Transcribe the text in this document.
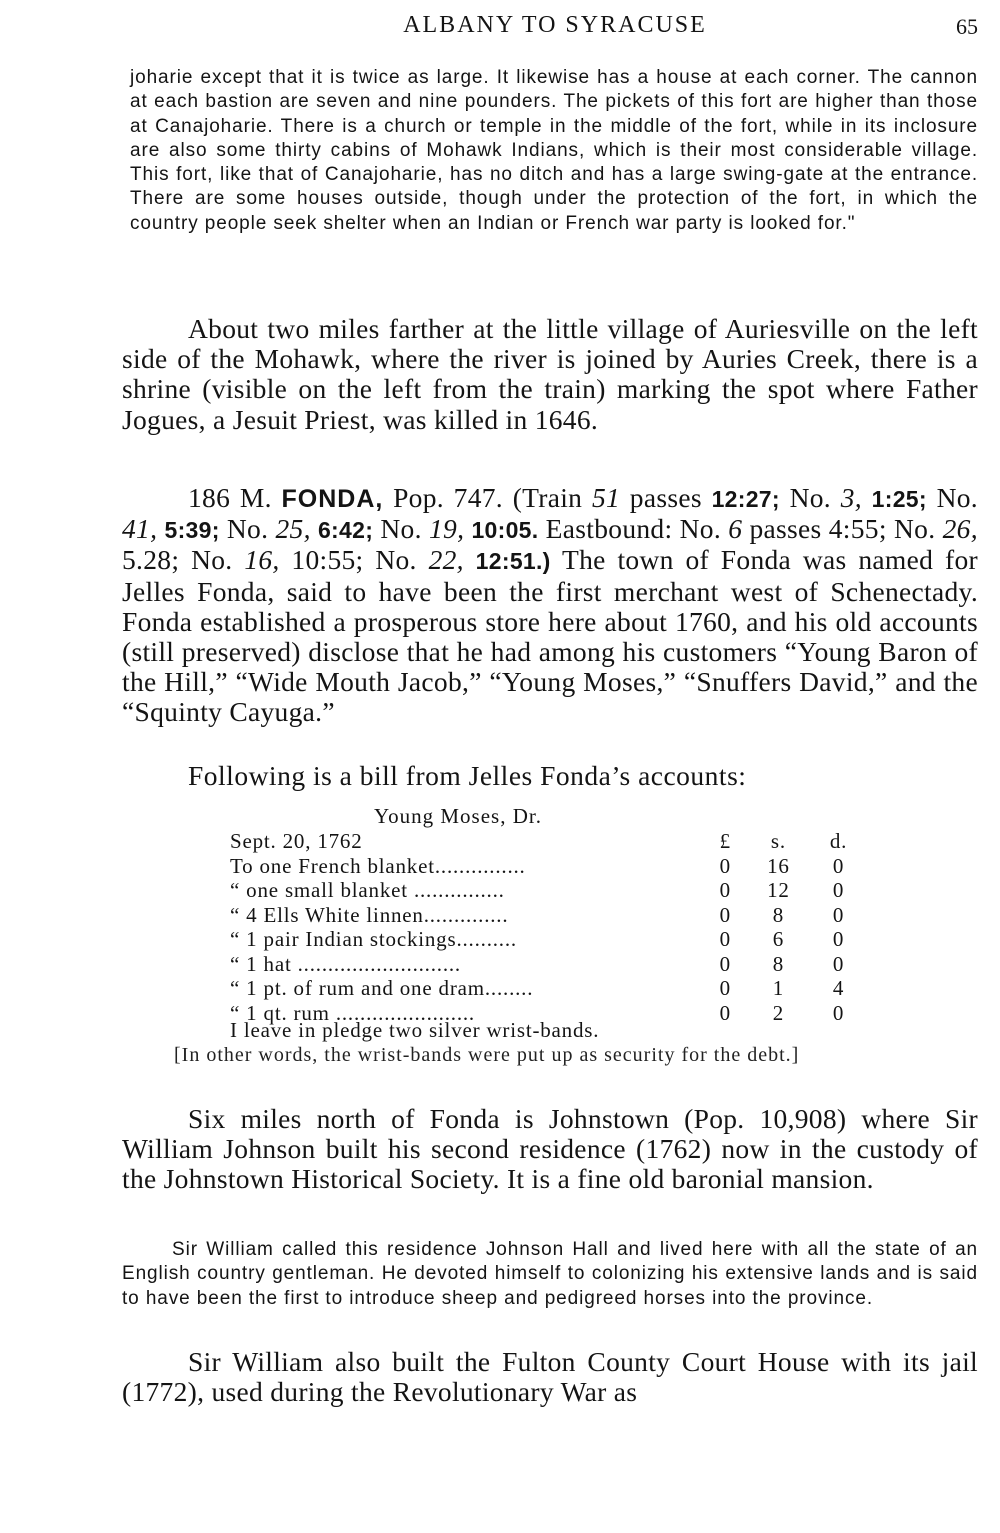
ALBANY TO SYRACUSE	65

joharie except that it is twice as large. It likewise has a house at each corner. The cannon at each bastion are seven and nine pounders. The pickets of this fort are higher than those at Canajoharie. There is a church or temple in the middle of the fort, while in its inclosure are also some thirty cabins of Mohawk Indians, which is their most considerable village. This fort, like that of Canajoharie, has no ditch and has a large swing-gate at the entrance. There are some houses outside, though under the protection of the fort, in which the country people seek shelter when an Indian or French war party is looked for."

About two miles farther at the little village of Auriesville on the left side of the Mohawk, where the river is joined by Auries Creek, there is a shrine (visible on the left from the train) marking the spot where Father Jogues, a Jesuit Priest, was killed in 1646.

186 M. FONDA, Pop. 747. (Train 51 passes 12:27; No. 3, 1:25; No. 41, 5:39; No. 25, 6:42; No. 19, 10:05. Eastbound: No. 6 passes 4:55; No. 26, 5.28; No. 16, 10:55; No. 22, 12:51.) The town of Fonda was named for Jelles Fonda, said to have been the first merchant west of Schenectady. Fonda established a prosperous store here about 1760, and his old accounts (still preserved) disclose that he had among his customers “Young Baron of the Hill,” “Wide Mouth Jacob,” “Young Moses,” “Snuffers David,” and the “Squinty Cayuga.”

Following is a bill from Jelles Fonda’s accounts:

Young Moses, Dr.
Sept. 20, 1762	£	s.	d.
To one French blanket...............	0	16	0
“ one small blanket ...............	0	12	0
“ 4 Ells White linnen..............	0	8	0
“ 1 pair Indian stockings..........	0	6	0
“ 1 hat ...........................	0	8	0
“ 1 pt. of rum and one dram........	0	1	4
“ 1 qt. rum .......................	0	2	0
I leave in pledge two silver wrist-bands.

[In other words, the wrist-bands were put up as security for the debt.]

Six miles north of Fonda is Johnstown (Pop. 10,908) where Sir William Johnson built his second residence (1762) now in the custody of the Johnstown Historical Society. It is a fine old baronial mansion.

Sir William called this residence Johnson Hall and lived here with all the state of an English country gentleman. He devoted himself to colonizing his extensive lands and is said to have been the first to introduce sheep and pedigreed horses into the province.

Sir William also built the Fulton County Court House with its jail (1772), used during the Revolutionary War as
